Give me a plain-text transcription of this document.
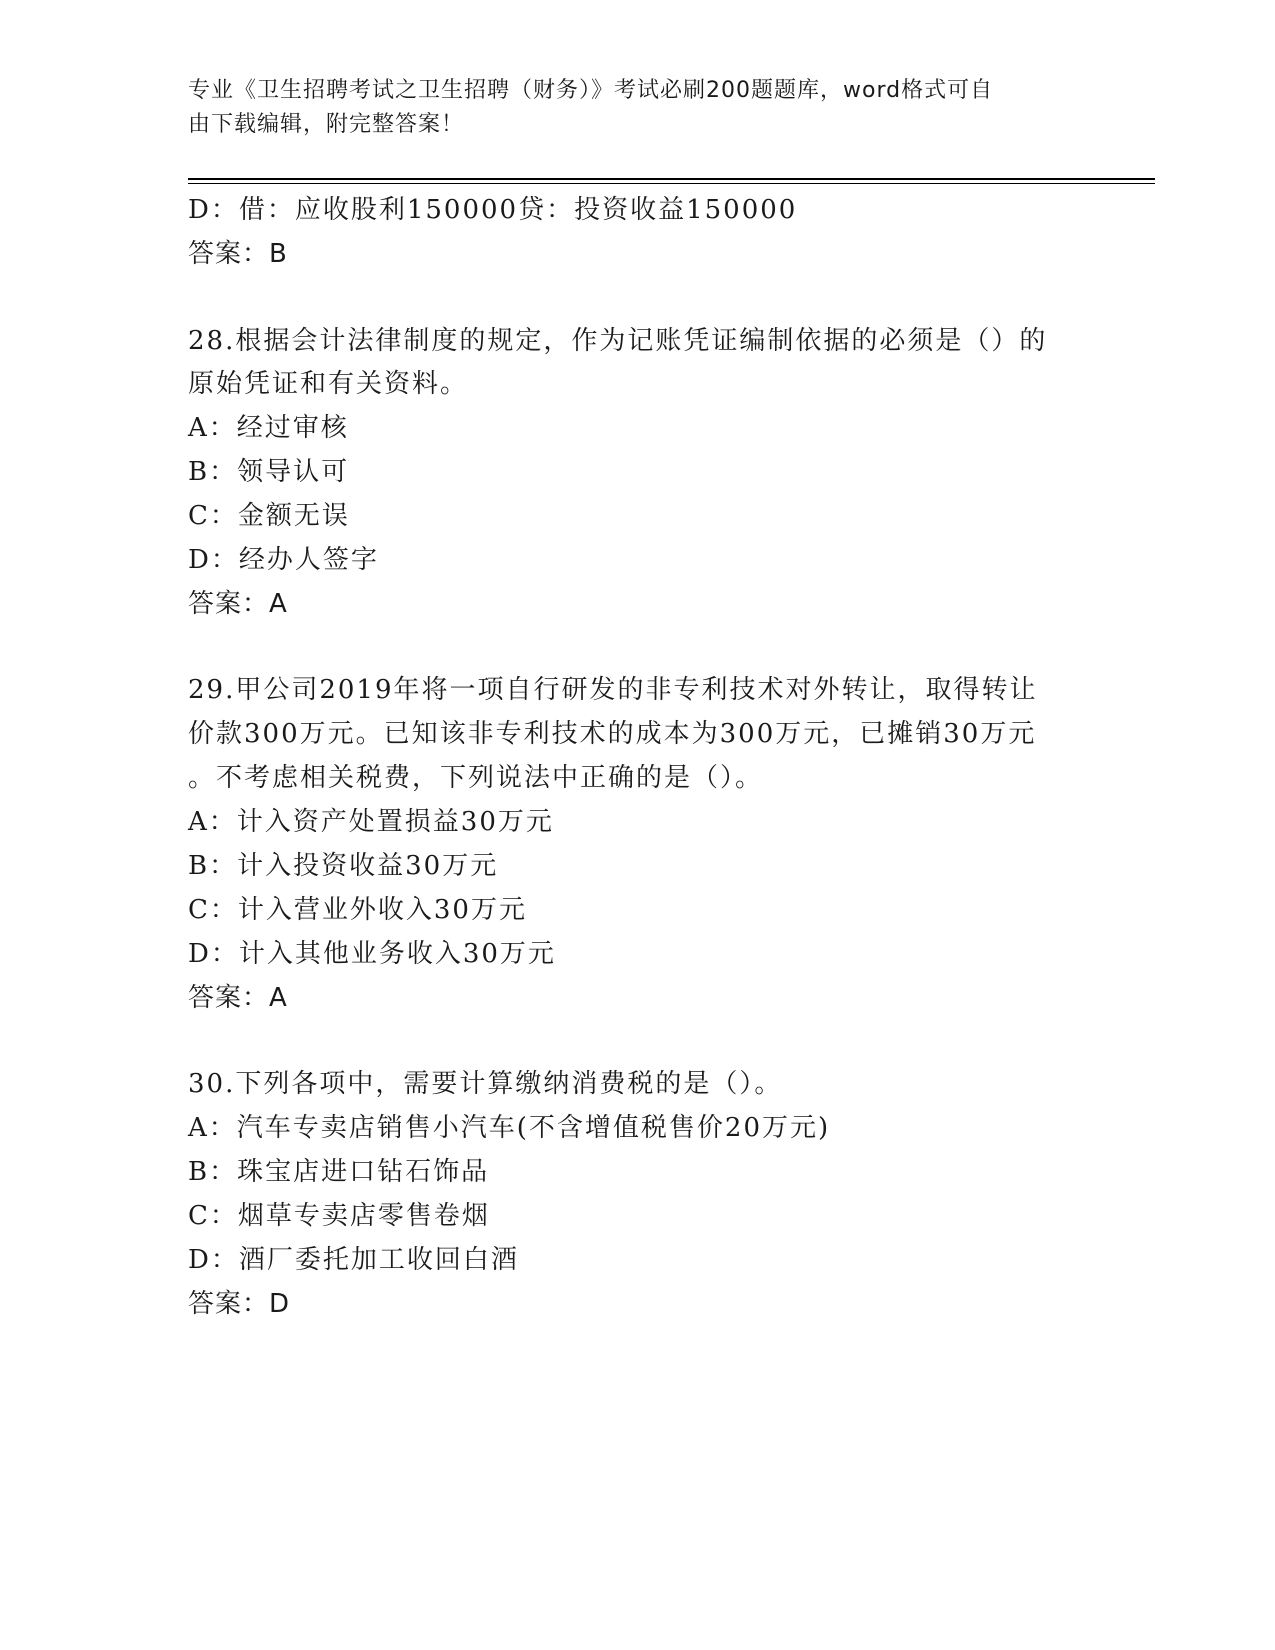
专业《卫生招聘考试之卫生招聘（财务）》考试必刷200题题库，word格式可自
由下载编辑，附完整答案！
D：借：应收股利150000贷：投资收益150000
答案：B
28.根据会计法律制度的规定，作为记账凭证编制依据的必须是（）的
原始凭证和有关资料。
A：经过审核
B：领导认可
C：金额无误
D：经办人签字
答案：A
29.甲公司2019年将一项自行研发的非专利技术对外转让，取得转让
价款300万元。已知该非专利技术的成本为300万元，已摊销30万元
。不考虑相关税费，下列说法中正确的是（）。
A：计入资产处置损益30万元
B：计入投资收益30万元
C：计入营业外收入30万元
D：计入其他业务收入30万元
答案：A
30.下列各项中，需要计算缴纳消费税的是（）。
A：汽车专卖店销售小汽车(不含增值税售价20万元)
B：珠宝店进口钻石饰品
C：烟草专卖店零售卷烟
D：酒厂委托加工收回白酒
答案：D
